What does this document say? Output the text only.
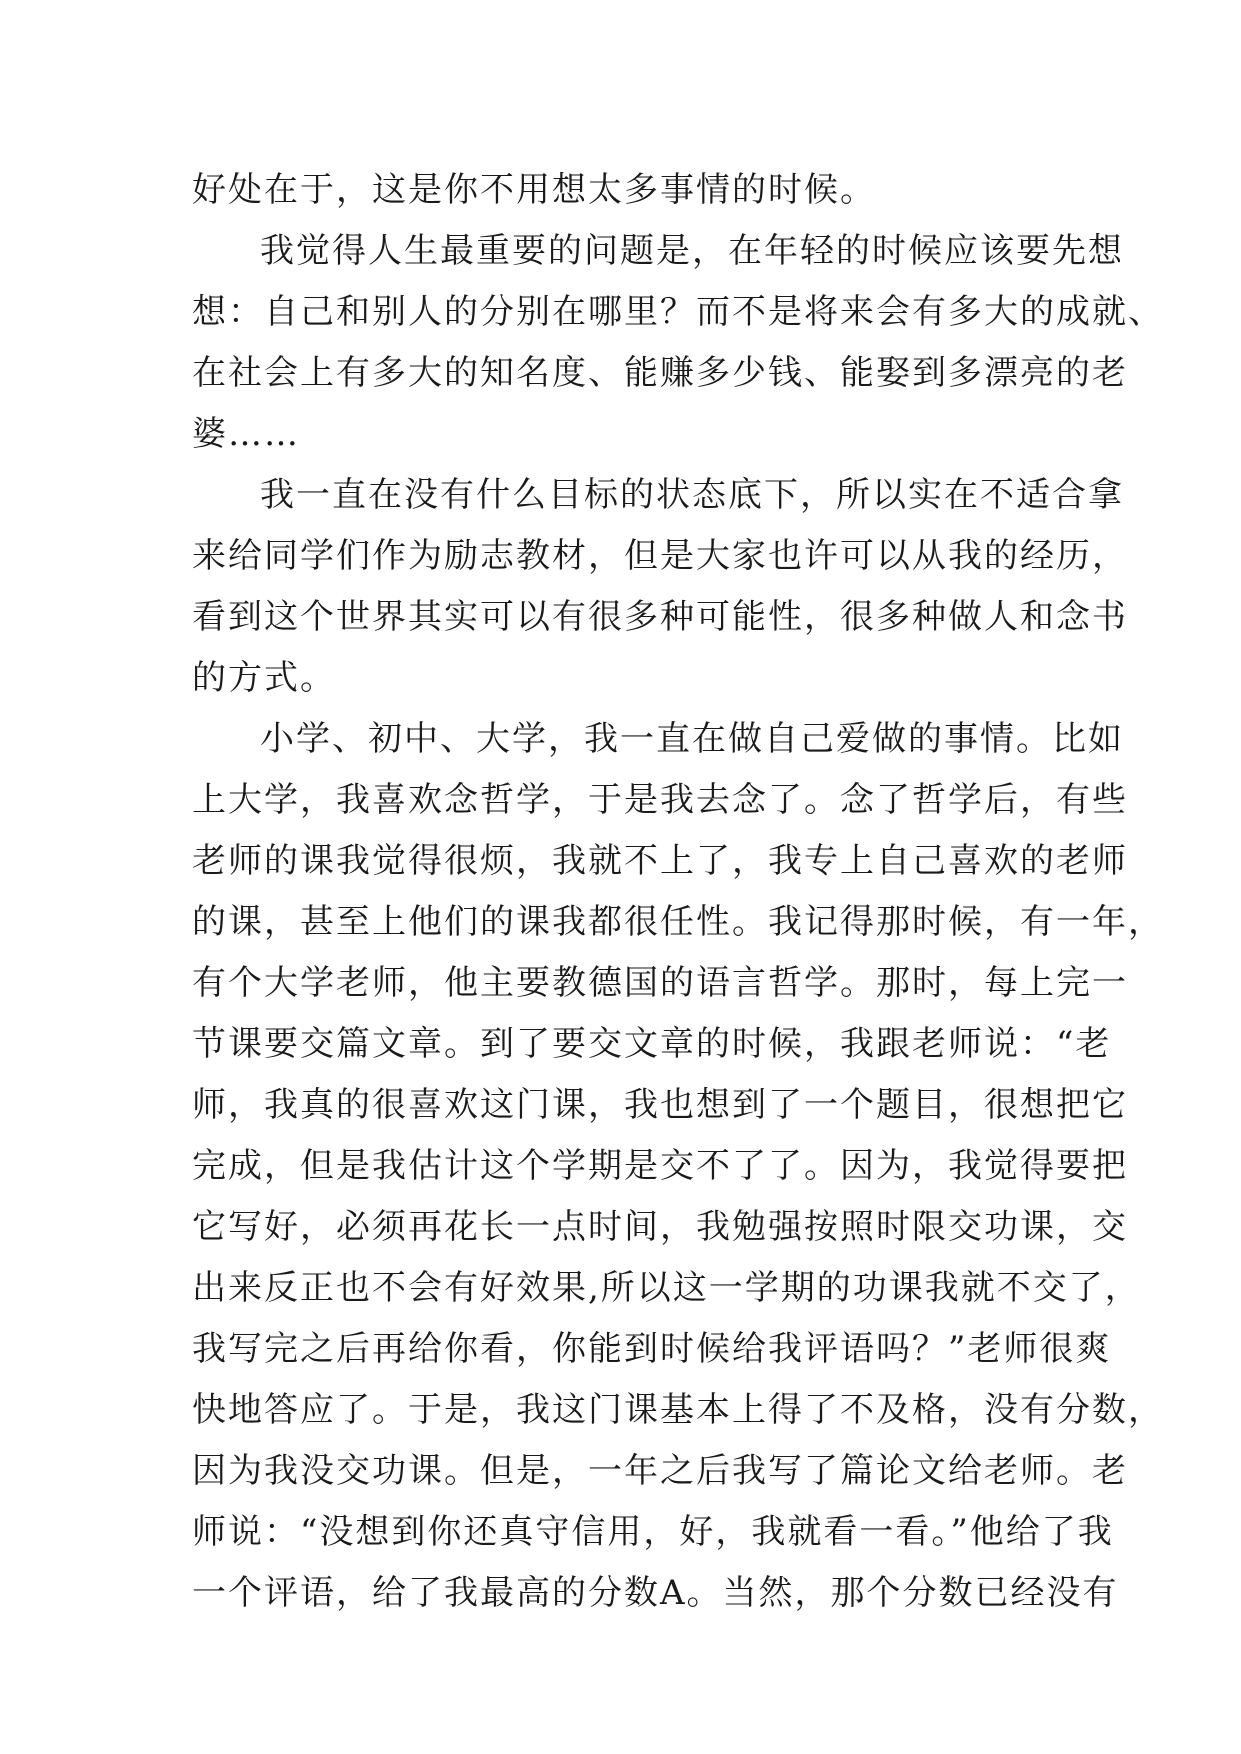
好处在于，这是你不用想太多事情的时候。

我觉得人生最重要的问题是，在年轻的时候应该要先想
想：自己和别人的分别在哪里？而不是将来会有多大的成就、
在社会上有多大的知名度、能赚多少钱、能娶到多漂亮的老
婆……

我一直在没有什么目标的状态底下，所以实在不适合拿
来给同学们作为励志教材，但是大家也许可以从我的经历，
看到这个世界其实可以有很多种可能性，很多种做人和念书
的方式。

小学、初中、大学，我一直在做自己爱做的事情。比如
上大学，我喜欢念哲学，于是我去念了。念了哲学后，有些
老师的课我觉得很烦，我就不上了，我专上自己喜欢的老师
的课，甚至上他们的课我都很任性。我记得那时候，有一年，
有个大学老师，他主要教德国的语言哲学。那时，每上完一
节课要交篇文章。到了要交文章的时候，我跟老师说：“老
师，我真的很喜欢这门课，我也想到了一个题目，很想把它
完成，但是我估计这个学期是交不了了。因为，我觉得要把
它写好，必须再花长一点时间，我勉强按照时限交功课，交
出来反正也不会有好效果,所以这一学期的功课我就不交了，
我写完之后再给你看，你能到时候给我评语吗？”老师很爽
快地答应了。于是，我这门课基本上得了不及格，没有分数，
因为我没交功课。但是，一年之后我写了篇论文给老师。老
师说：“没想到你还真守信用，好，我就看一看。”他给了我
一个评语，给了我最高的分数A。当然，那个分数已经没有
